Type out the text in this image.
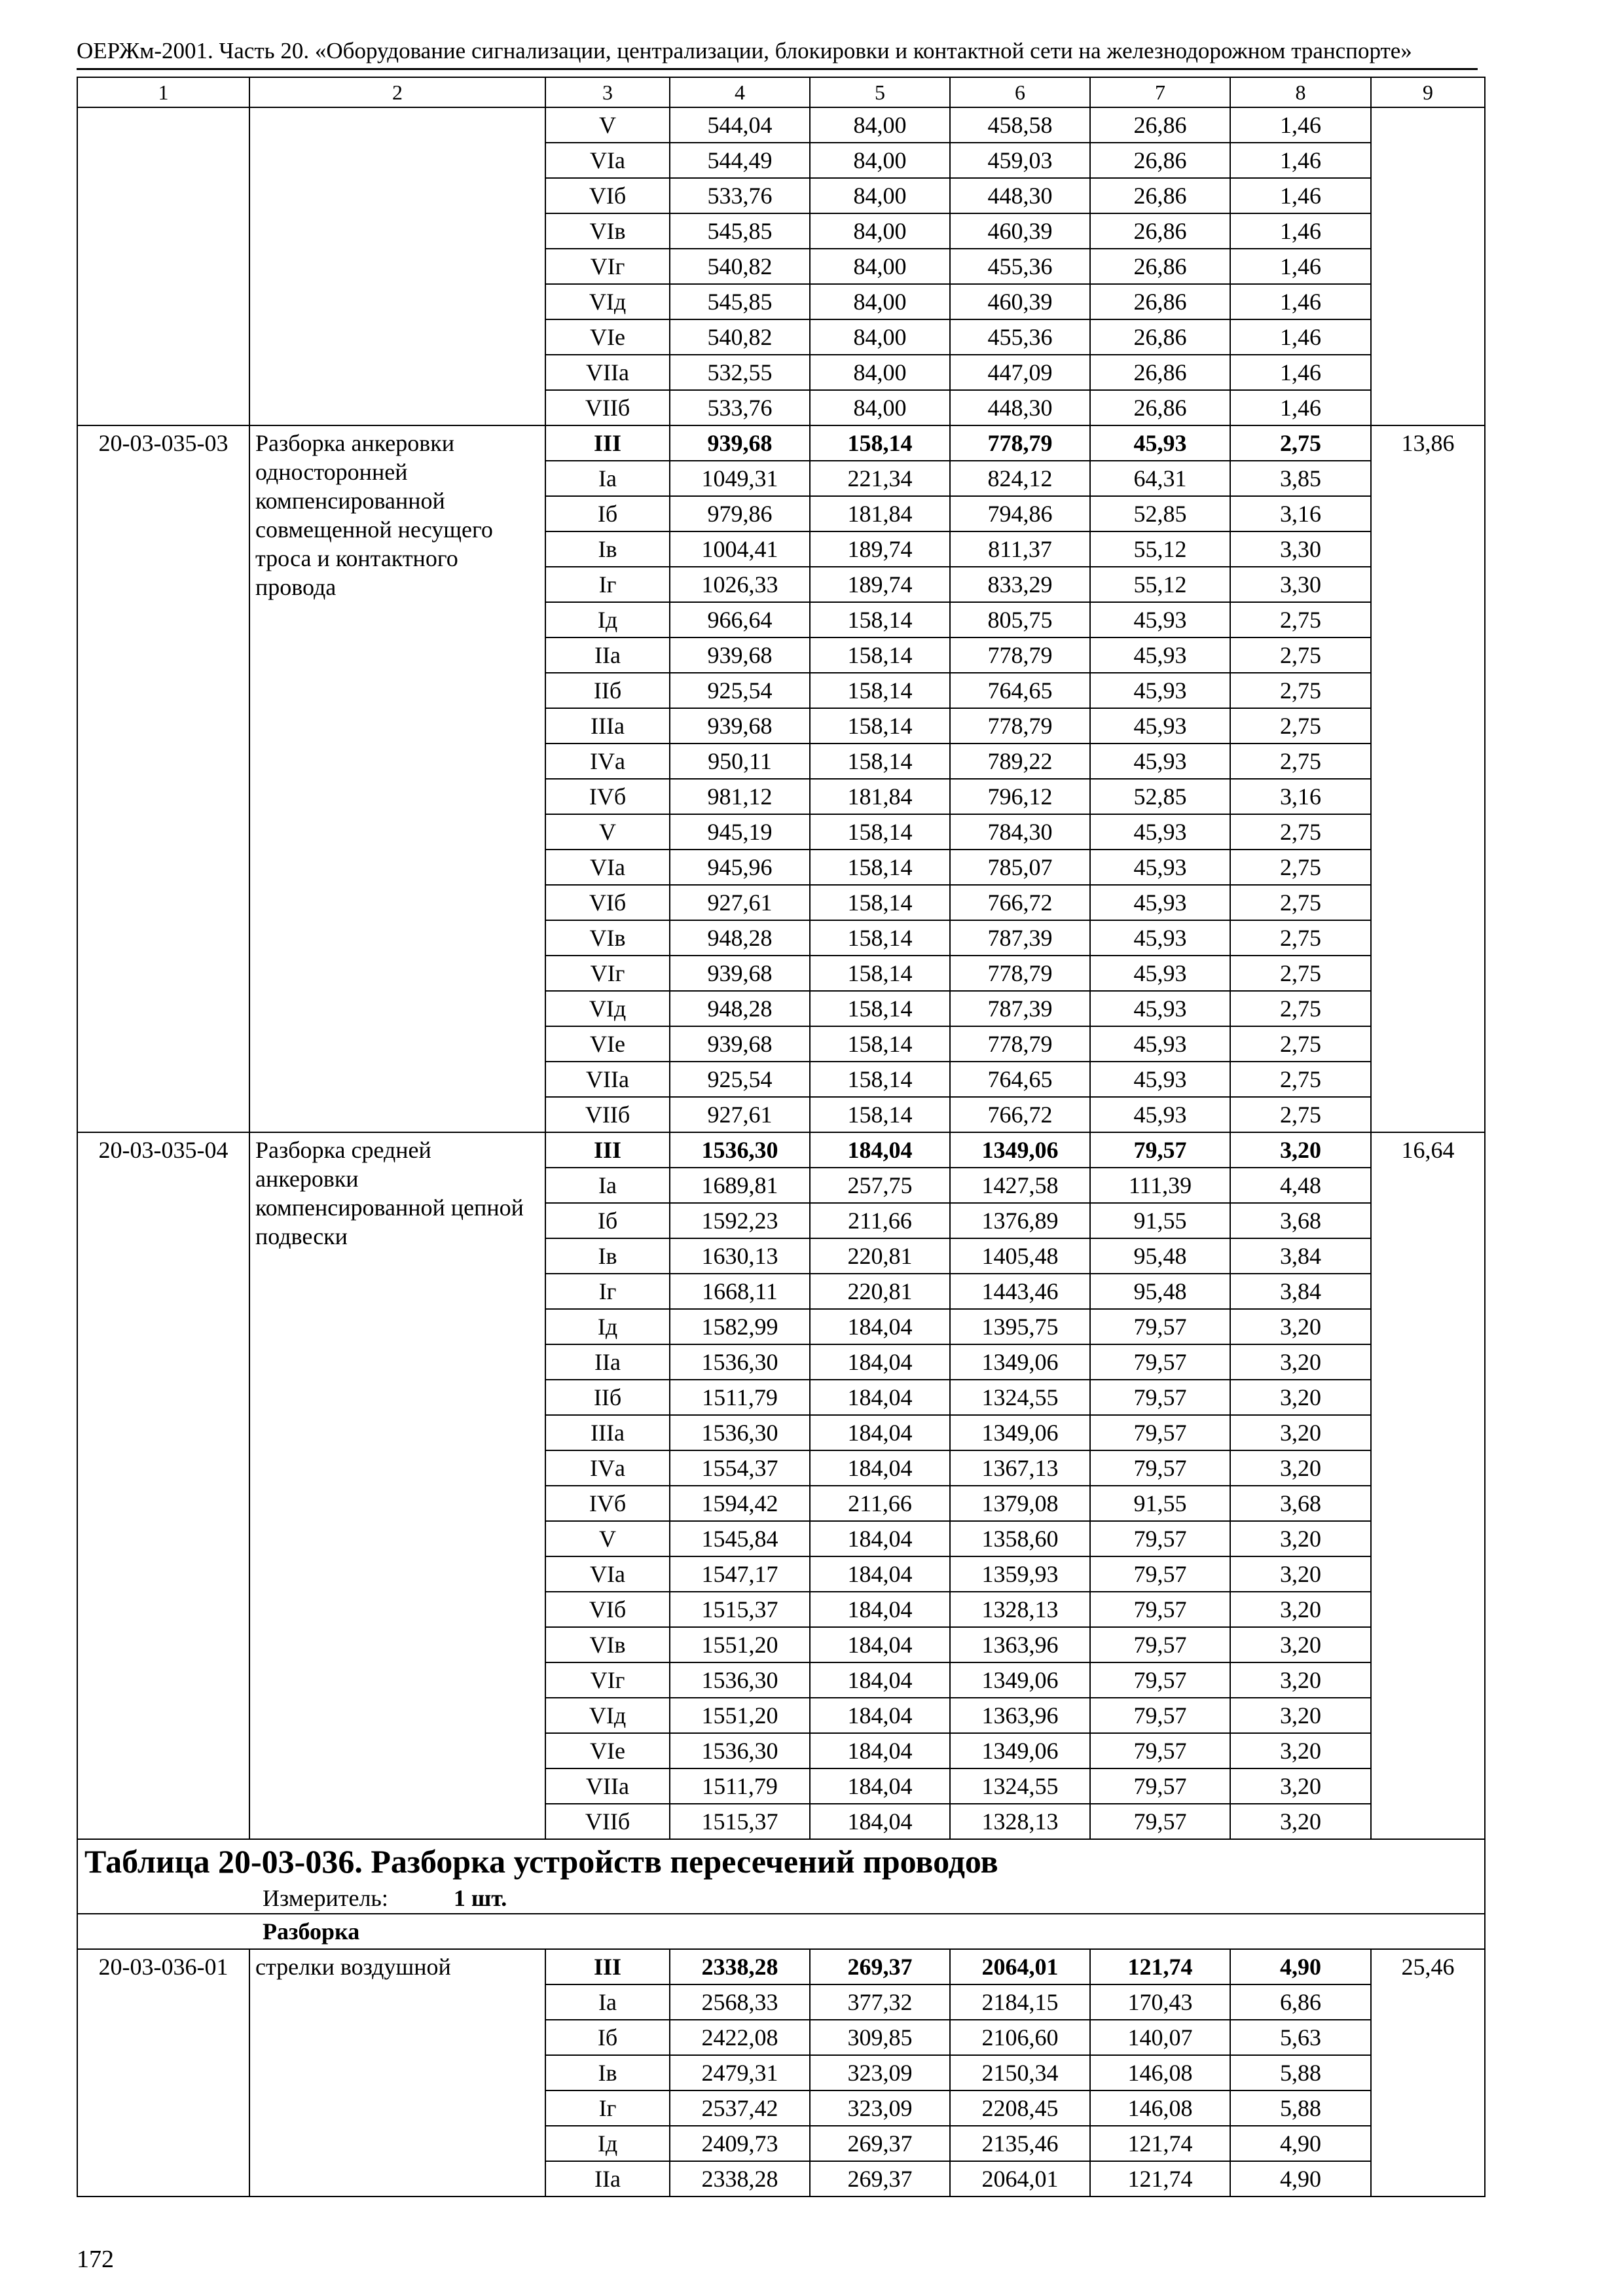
ОЕРЖм-2001. Часть 20. «Оборудование сигнализации, централизации, блокировки и контактной сети на железнодорожном транспорте»
1	2	3	4	5	6	7	8	9
		V	544,04	84,00	458,58	26,86	1,46	
		VIа	544,49	84,00	459,03	26,86	1,46	
		VIб	533,76	84,00	448,30	26,86	1,46	
		VIв	545,85	84,00	460,39	26,86	1,46	
		VIг	540,82	84,00	455,36	26,86	1,46	
		VIд	545,85	84,00	460,39	26,86	1,46	
		VIе	540,82	84,00	455,36	26,86	1,46	
		VIIа	532,55	84,00	447,09	26,86	1,46	
		VIIб	533,76	84,00	448,30	26,86	1,46	
20-03-035-03	Разборка анкеровки односторонней компенсированной совмещенной несущего троса и контактного провода	III	939,68	158,14	778,79	45,93	2,75	13,86
		Iа	1049,31	221,34	824,12	64,31	3,85	
		Iб	979,86	181,84	794,86	52,85	3,16	
		Iв	1004,41	189,74	811,37	55,12	3,30	
		Iг	1026,33	189,74	833,29	55,12	3,30	
		Iд	966,64	158,14	805,75	45,93	2,75	
		IIа	939,68	158,14	778,79	45,93	2,75	
		IIб	925,54	158,14	764,65	45,93	2,75	
		IIIа	939,68	158,14	778,79	45,93	2,75	
		IVа	950,11	158,14	789,22	45,93	2,75	
		IVб	981,12	181,84	796,12	52,85	3,16	
		V	945,19	158,14	784,30	45,93	2,75	
		VIа	945,96	158,14	785,07	45,93	2,75	
		VIб	927,61	158,14	766,72	45,93	2,75	
		VIв	948,28	158,14	787,39	45,93	2,75	
		VIг	939,68	158,14	778,79	45,93	2,75	
		VIд	948,28	158,14	787,39	45,93	2,75	
		VIе	939,68	158,14	778,79	45,93	2,75	
		VIIа	925,54	158,14	764,65	45,93	2,75	
		VIIб	927,61	158,14	766,72	45,93	2,75	
20-03-035-04	Разборка средней анкеровки компенсированной цепной подвески	III	1536,30	184,04	1349,06	79,57	3,20	16,64
		Iа	1689,81	257,75	1427,58	111,39	4,48	
		Iб	1592,23	211,66	1376,89	91,55	3,68	
		Iв	1630,13	220,81	1405,48	95,48	3,84	
		Iг	1668,11	220,81	1443,46	95,48	3,84	
		Iд	1582,99	184,04	1395,75	79,57	3,20	
		IIа	1536,30	184,04	1349,06	79,57	3,20	
		IIб	1511,79	184,04	1324,55	79,57	3,20	
		IIIа	1536,30	184,04	1349,06	79,57	3,20	
		IVа	1554,37	184,04	1367,13	79,57	3,20	
		IVб	1594,42	211,66	1379,08	91,55	3,68	
		V	1545,84	184,04	1358,60	79,57	3,20	
		VIа	1547,17	184,04	1359,93	79,57	3,20	
		VIб	1515,37	184,04	1328,13	79,57	3,20	
		VIв	1551,20	184,04	1363,96	79,57	3,20	
		VIг	1536,30	184,04	1349,06	79,57	3,20	
		VIд	1551,20	184,04	1363,96	79,57	3,20	
		VIе	1536,30	184,04	1349,06	79,57	3,20	
		VIIа	1511,79	184,04	1324,55	79,57	3,20	
		VIIб	1515,37	184,04	1328,13	79,57	3,20	
Таблица 20-03-036. Разборка устройств пересечений проводов								
Измеритель: 1 шт.								
Разборка								
20-03-036-01	стрелки воздушной	III	2338,28	269,37	2064,01	121,74	4,90	25,46
		Iа	2568,33	377,32	2184,15	170,43	6,86	
		Iб	2422,08	309,85	2106,60	140,07	5,63	
		Iв	2479,31	323,09	2150,34	146,08	5,88	
		Iг	2537,42	323,09	2208,45	146,08	5,88	
		Iд	2409,73	269,37	2135,46	121,74	4,90	
		IIа	2338,28	269,37	2064,01	121,74	4,90	
172
